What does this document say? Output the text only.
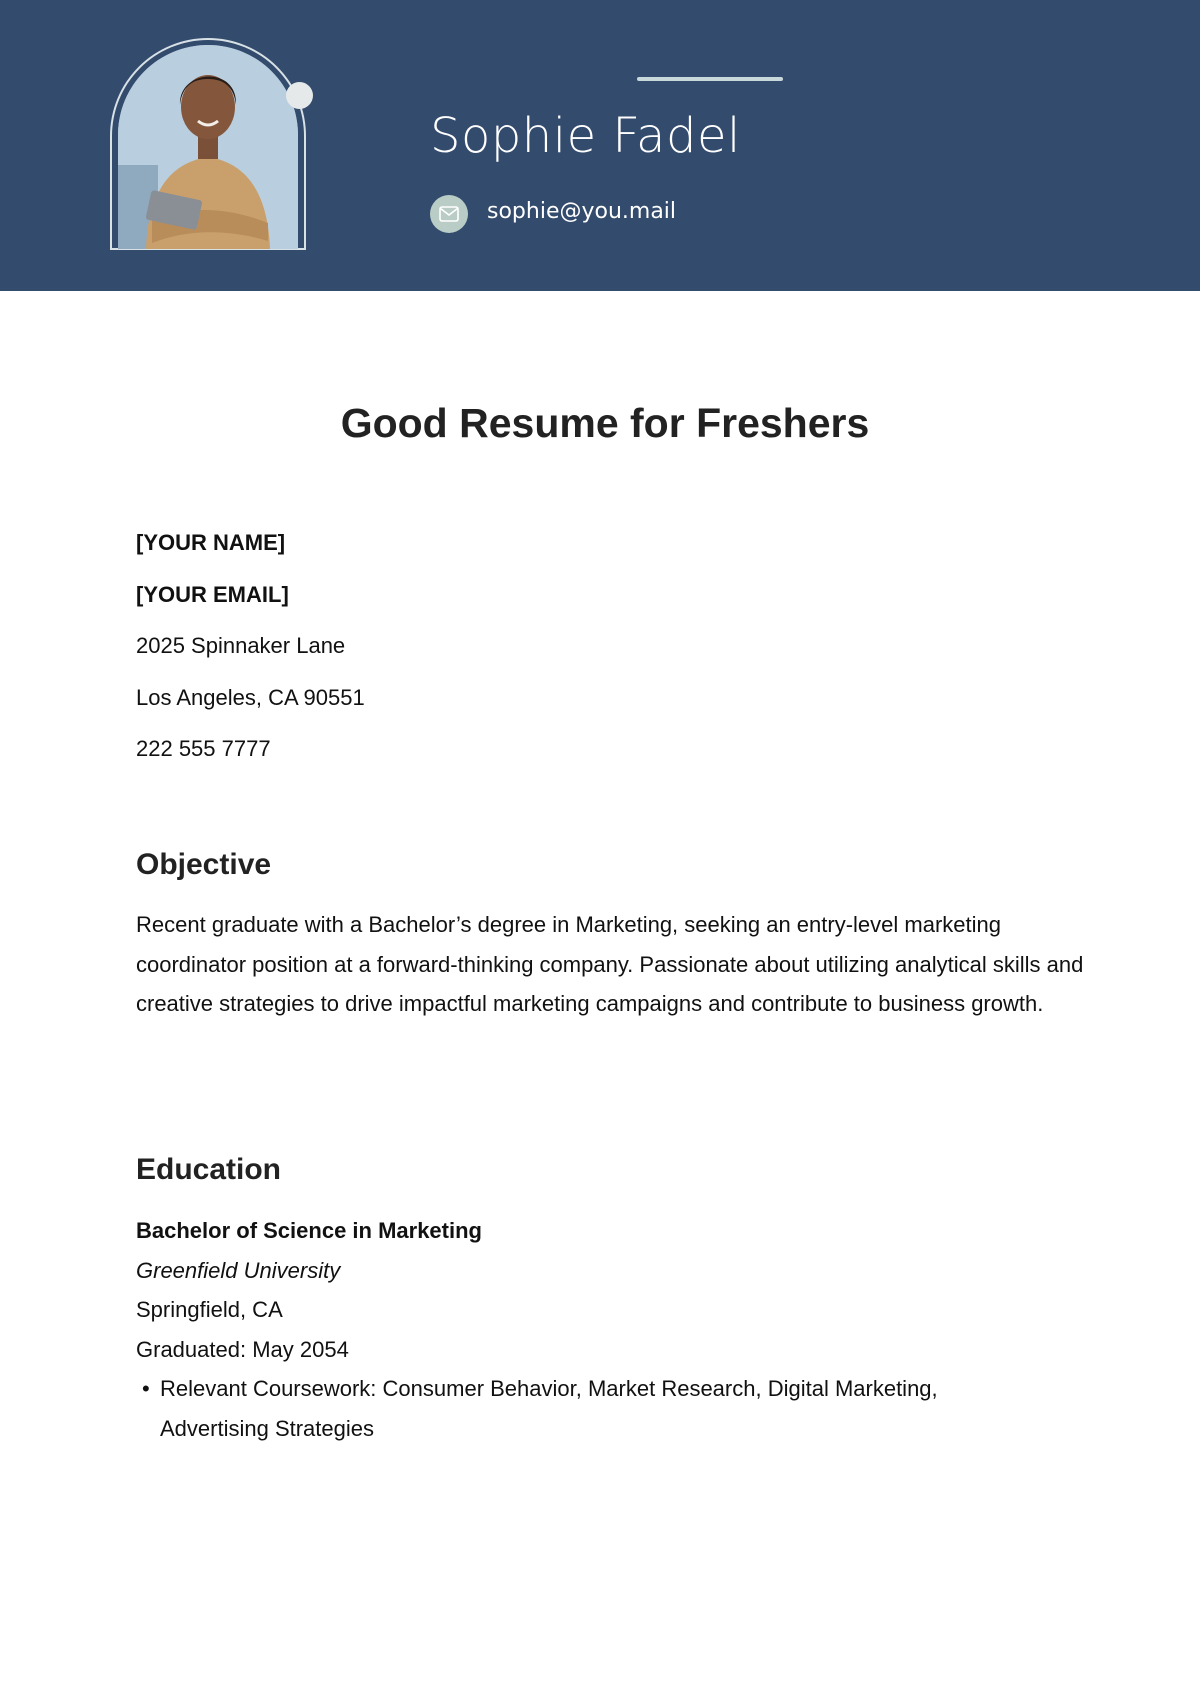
Sophie Fadel
sophie@you.mail
Good Resume for Freshers
[YOUR NAME]
[YOUR EMAIL]
2025 Spinnaker Lane
Los Angeles, CA 90551
222 555 7777
Objective

Recent graduate with a Bachelor’s degree in Marketing, seeking an entry-level marketing coordinator position at a forward-thinking company. Passionate about utilizing analytical skills and creative strategies to drive impactful marketing campaigns and contribute to business growth.

Education
Bachelor of Science in Marketing
Greenfield University
Springfield, CA
Graduated: May 2054
• Relevant Coursework: Consumer Behavior, Market Research, Digital Marketing, Advertising Strategies
